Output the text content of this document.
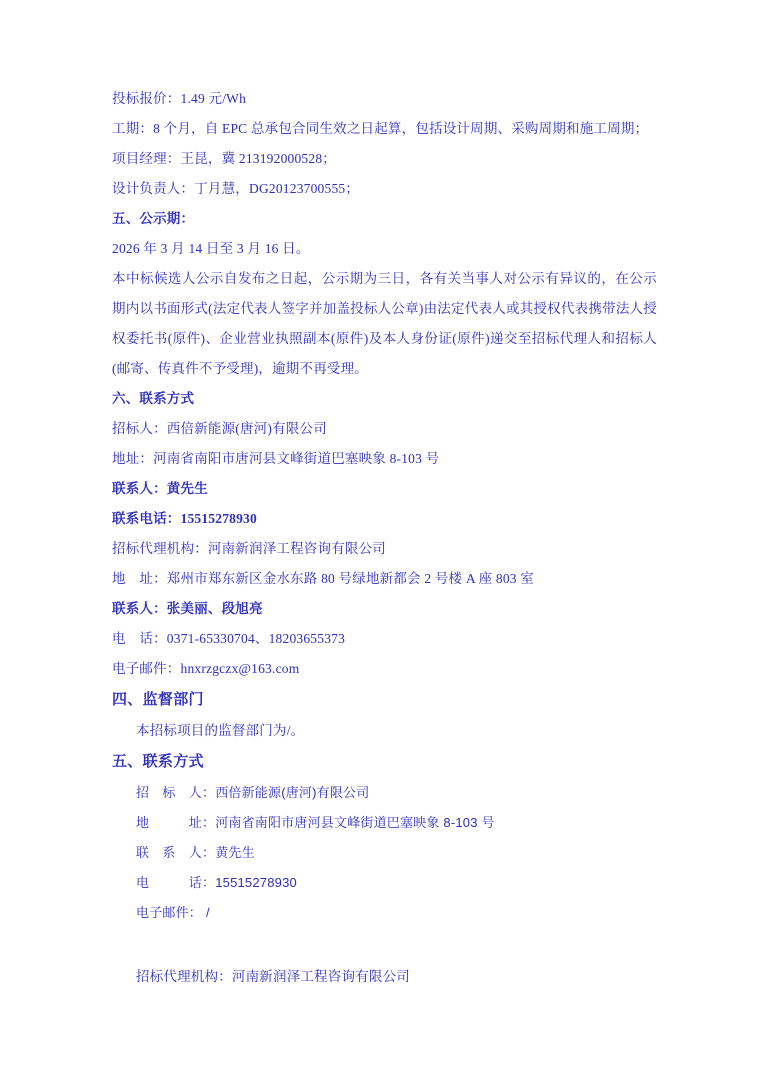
投标报价：1.49 元/Wh
工期：8 个月，自 EPC 总承包合同生效之日起算，包括设计周期、采购周期和施工周期；
项目经理：王昆，冀 213192000528；
设计负责人：丁月慧，DG20123700555；
五、公示期：
2026 年 3 月 14 日至 3 月 16 日。
本中标候选人公示自发布之日起，公示期为三日，各有关当事人对公示有异议的，在公示期内以书面形式(法定代表人签字并加盖投标人公章)由法定代表人或其授权代表携带法人授权委托书(原件)、企业营业执照副本(原件)及本人身份证(原件)递交至招标代理人和招标人(邮寄、传真件不予受理)，逾期不再受理。
六、联系方式
招标人：西倍新能源(唐河)有限公司
地址：河南省南阳市唐河县文峰街道巴塞映象 8-103 号
联系人：黄先生
联系电话：15515278930
招标代理机构：河南新润泽工程咨询有限公司
地　址：郑州市郑东新区金水东路 80 号绿地新都会 2 号楼 A 座 803 室
联系人：张美丽、段旭亮
电　话：0371-65330704、18203655373
电子邮件：hnxrzgczx@163.com
四、监督部门
本招标项目的监督部门为/。
五、联系方式
招　标　人：西倍新能源(唐河)有限公司
地　　　址：河南省南阳市唐河县文峰街道巴塞映象 8-103 号
联　系　人：黄先生
电　　　话：15515278930
电子邮件： /
招标代理机构：河南新润泽工程咨询有限公司
